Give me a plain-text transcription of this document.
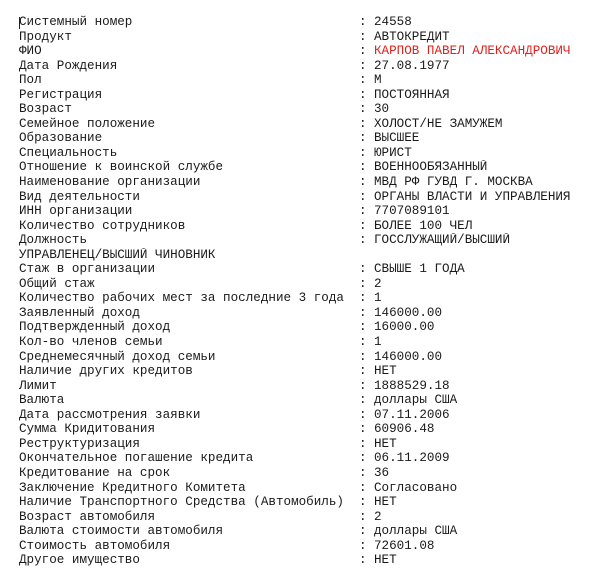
Системный номер	: 24558
Продукт	: АВТОКРЕДИТ
ФИО	: КАРПОВ ПАВЕЛ АЛЕКСАНДРОВИЧ
Дата Рождения	: 27.08.1977
Пол	: М
Регистрация	: ПОСТОЯННАЯ
Возраст	: 30
Семейное положение	: ХОЛОСТ/НЕ ЗАМУЖЕМ
Образование	: ВЫСШЕЕ
Специальность	: ЮРИСТ
Отношение к воинской службе	: ВОЕННООБЯЗАННЫЙ
Наименование организации	: МВД РФ ГУВД Г. МОСКВА
Вид деятельности	: ОРГАНЫ ВЛАСТИ И УПРАВЛЕНИЯ
ИНН организации	: 7707089101
Количество сотрудников	: БОЛЕЕ 100 ЧЕЛ
Должность	: ГОССЛУЖАЩИЙ/ВЫСШИЙ
УПРАВЛЕНЕЦ/ВЫСШИЙ ЧИНОВНИК
Стаж в организации	: СВЫШЕ 1 ГОДА
Общий стаж	: 2
Количество рабочих мест за последние 3 года	: 1
Заявленный доход	: 146000.00
Подтвержденный доход	: 16000.00
Кол-во членов семьи	: 1
Среднемесячный доход семьи	: 146000.00
Наличие других кредитов	: НЕТ
Лимит	: 1888529.18
Валюта	: доллары США
Дата рассмотрения заявки	: 07.11.2006
Сумма Кридитования	: 60906.48
Реструктуризация	: НЕТ
Окончательное погашение кредита	: 06.11.2009
Кредитование на срок	: 36
Заключение Кредитного Комитета	: Согласовано
Наличие Транспортного Средства (Автомобиль)	: НЕТ
Возраст автомобиля	: 2
Валюта стоимости автомобиля	: доллары США
Стоимость автомобиля	: 72601.08
Другое имущество	: НЕТ
